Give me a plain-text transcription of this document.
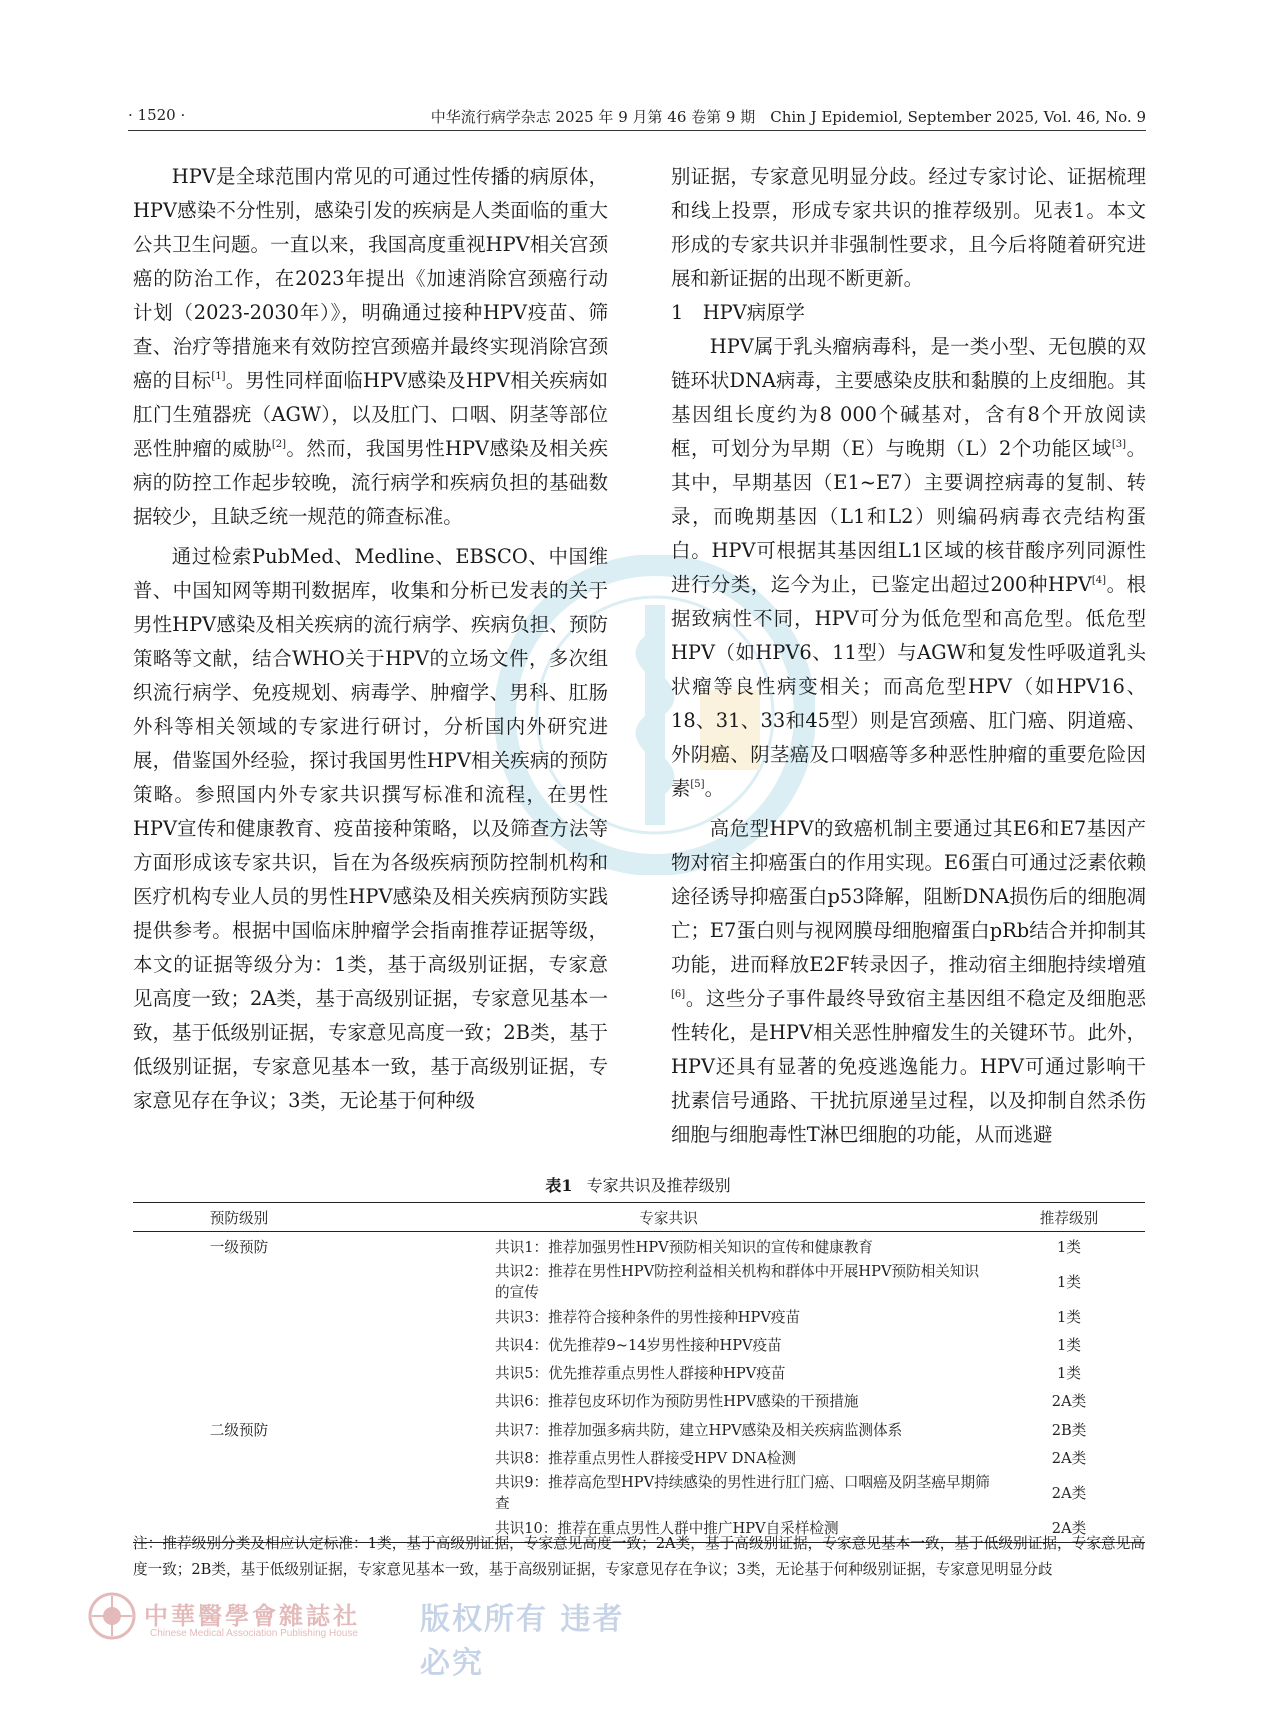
· 1520 ·	中华流行病学杂志 2025 年 9 月第 46 卷第 9 期　Chin J Epidemiol, September 2025, Vol. 46, No. 9

HPV是全球范围内常见的可通过性传播的病原体，HPV感染不分性别，感染引发的疾病是人类面临的重大公共卫生问题。一直以来，我国高度重视HPV相关宫颈癌的防治工作，在2023年提出《加速消除宫颈癌行动计划（2023-2030年）》，明确通过接种HPV疫苗、筛查、治疗等措施来有效防控宫颈癌并最终实现消除宫颈癌的目标[1]。男性同样面临HPV感染及HPV相关疾病如肛门生殖器疣（AGW），以及肛门、口咽、阴茎等部位恶性肿瘤的威胁[2]。然而，我国男性HPV感染及相关疾病的防控工作起步较晚，流行病学和疾病负担的基础数据较少，且缺乏统一规范的筛查标准。

通过检索PubMed、Medline、EBSCO、中国维普、中国知网等期刊数据库，收集和分析已发表的关于男性HPV感染及相关疾病的流行病学、疾病负担、预防策略等文献，结合WHO关于HPV的立场文件，多次组织流行病学、免疫规划、病毒学、肿瘤学、男科、肛肠外科等相关领域的专家进行研讨，分析国内外研究进展，借鉴国外经验，探讨我国男性HPV相关疾病的预防策略。参照国内外专家共识撰写标准和流程，在男性HPV宣传和健康教育、疫苗接种策略，以及筛查方法等方面形成该专家共识，旨在为各级疾病预防控制机构和医疗机构专业人员的男性HPV感染及相关疾病预防实践提供参考。根据中国临床肿瘤学会指南推荐证据等级，本文的证据等级分为：1类，基于高级别证据，专家意见高度一致；2A类，基于高级别证据，专家意见基本一致，基于低级别证据，专家意见高度一致；2B类，基于低级别证据，专家意见基本一致，基于高级别证据，专家意见存在争议；3类，无论基于何种级

别证据，专家意见明显分歧。经过专家讨论、证据梳理和线上投票，形成专家共识的推荐级别。见表1。本文形成的专家共识并非强制性要求，且今后将随着研究进展和新证据的出现不断更新。

1　HPV病原学

HPV属于乳头瘤病毒科，是一类小型、无包膜的双链环状DNA病毒，主要感染皮肤和黏膜的上皮细胞。其基因组长度约为8 000个碱基对，含有8个开放阅读框，可划分为早期（E）与晚期（L）2个功能区域[3]。其中，早期基因（E1~E7）主要调控病毒的复制、转录，而晚期基因（L1和L2）则编码病毒衣壳结构蛋白。HPV可根据其基因组L1区域的核苷酸序列同源性进行分类，迄今为止，已鉴定出超过200种HPV[4]。根据致病性不同，HPV可分为低危型和高危型。低危型HPV（如HPV6、11型）与AGW和复发性呼吸道乳头状瘤等良性病变相关；而高危型HPV（如HPV16、18、31、33和45型）则是宫颈癌、肛门癌、阴道癌、外阴癌、阴茎癌及口咽癌等多种恶性肿瘤的重要危险因素[5]。

高危型HPV的致癌机制主要通过其E6和E7基因产物对宿主抑癌蛋白的作用实现。E6蛋白可通过泛素依赖途径诱导抑癌蛋白p53降解，阻断DNA损伤后的细胞凋亡；E7蛋白则与视网膜母细胞瘤蛋白pRb结合并抑制其功能，进而释放E2F转录因子，推动宿主细胞持续增殖[6]。这些分子事件最终导致宿主基因组不稳定及细胞恶性转化，是HPV相关恶性肿瘤发生的关键环节。此外，HPV还具有显著的免疫逃逸能力。HPV可通过影响干扰素信号通路、干扰抗原递呈过程，以及抑制自然杀伤细胞与细胞毒性T淋巴细胞的功能，从而逃避

表1 专家共识及推荐级别
预防级别	专家共识	推荐级别
一级预防	共识1：推荐加强男性HPV预防相关知识的宣传和健康教育	1类
	共识2：推荐在男性HPV防控利益相关机构和群体中开展HPV预防相关知识的宣传	1类
	共识3：推荐符合接种条件的男性接种HPV疫苗	1类
	共识4：优先推荐9~14岁男性接种HPV疫苗	1类
	共识5：优先推荐重点男性人群接种HPV疫苗	1类
	共识6：推荐包皮环切作为预防男性HPV感染的干预措施	2A类
二级预防	共识7：推荐加强多病共防，建立HPV感染及相关疾病监测体系	2B类
	共识8：推荐重点男性人群接受HPV DNA检测	2A类
	共识9：推荐高危型HPV持续感染的男性进行肛门癌、口咽癌及阴茎癌早期筛查	2A类
	共识10：推荐在重点男性人群中推广HPV自采样检测	2A类
注：推荐级别分类及相应认定标准：1类，基于高级别证据，专家意见高度一致；2A类，基于高级别证据，专家意见基本一致，基于低级别证据，专家意见高度一致；2B类，基于低级别证据，专家意见基本一致，基于高级别证据，专家意见存在争议；3类，无论基于何种级别证据，专家意见明显分歧
中華醫學會雜誌社
Chinese Medical Association Publishing House 版权所有 违者必究
